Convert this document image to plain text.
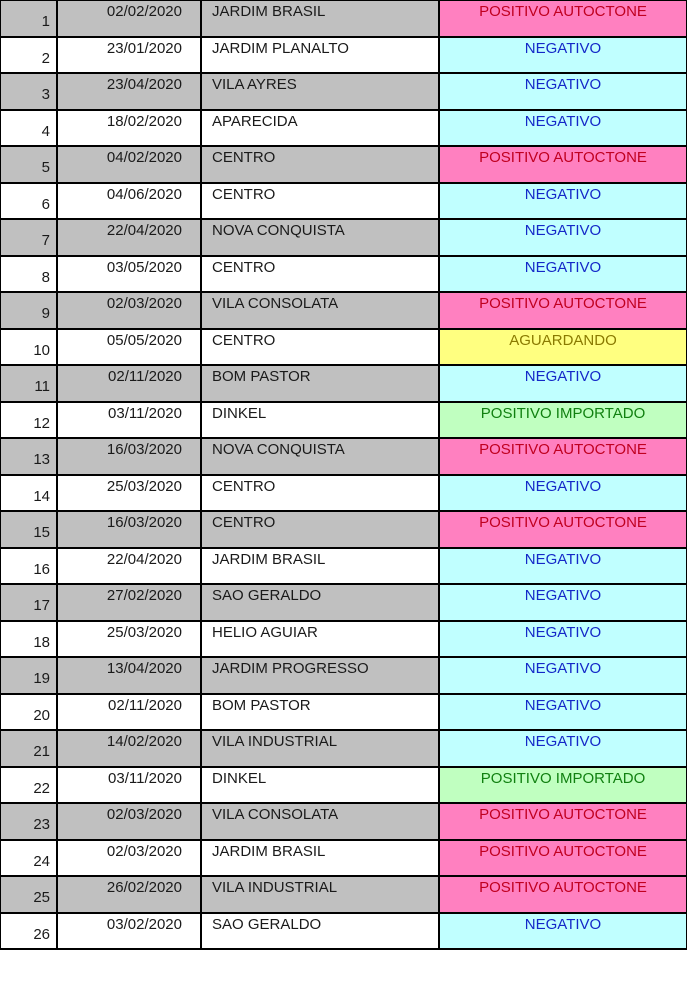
1	02/02/2020	JARDIM BRASIL	POSITIVO AUTOCTONE
2	23/01/2020	JARDIM PLANALTO	NEGATIVO
3	23/04/2020	VILA AYRES	NEGATIVO
4	18/02/2020	APARECIDA	NEGATIVO
5	04/02/2020	CENTRO	POSITIVO AUTOCTONE
6	04/06/2020	CENTRO	NEGATIVO
7	22/04/2020	NOVA CONQUISTA	NEGATIVO
8	03/05/2020	CENTRO	NEGATIVO
9	02/03/2020	VILA CONSOLATA	POSITIVO AUTOCTONE
10	05/05/2020	CENTRO	AGUARDANDO
11	02/11/2020	BOM PASTOR	NEGATIVO
12	03/11/2020	DINKEL	POSITIVO IMPORTADO
13	16/03/2020	NOVA CONQUISTA	POSITIVO AUTOCTONE
14	25/03/2020	CENTRO	NEGATIVO
15	16/03/2020	CENTRO	POSITIVO AUTOCTONE
16	22/04/2020	JARDIM BRASIL	NEGATIVO
17	27/02/2020	SAO GERALDO	NEGATIVO
18	25/03/2020	HELIO AGUIAR	NEGATIVO
19	13/04/2020	JARDIM PROGRESSO	NEGATIVO
20	02/11/2020	BOM PASTOR	NEGATIVO
21	14/02/2020	VILA INDUSTRIAL	NEGATIVO
22	03/11/2020	DINKEL	POSITIVO IMPORTADO
23	02/03/2020	VILA CONSOLATA	POSITIVO AUTOCTONE
24	02/03/2020	JARDIM BRASIL	POSITIVO AUTOCTONE
25	26/02/2020	VILA INDUSTRIAL	POSITIVO AUTOCTONE
26	03/02/2020	SAO GERALDO	NEGATIVO
